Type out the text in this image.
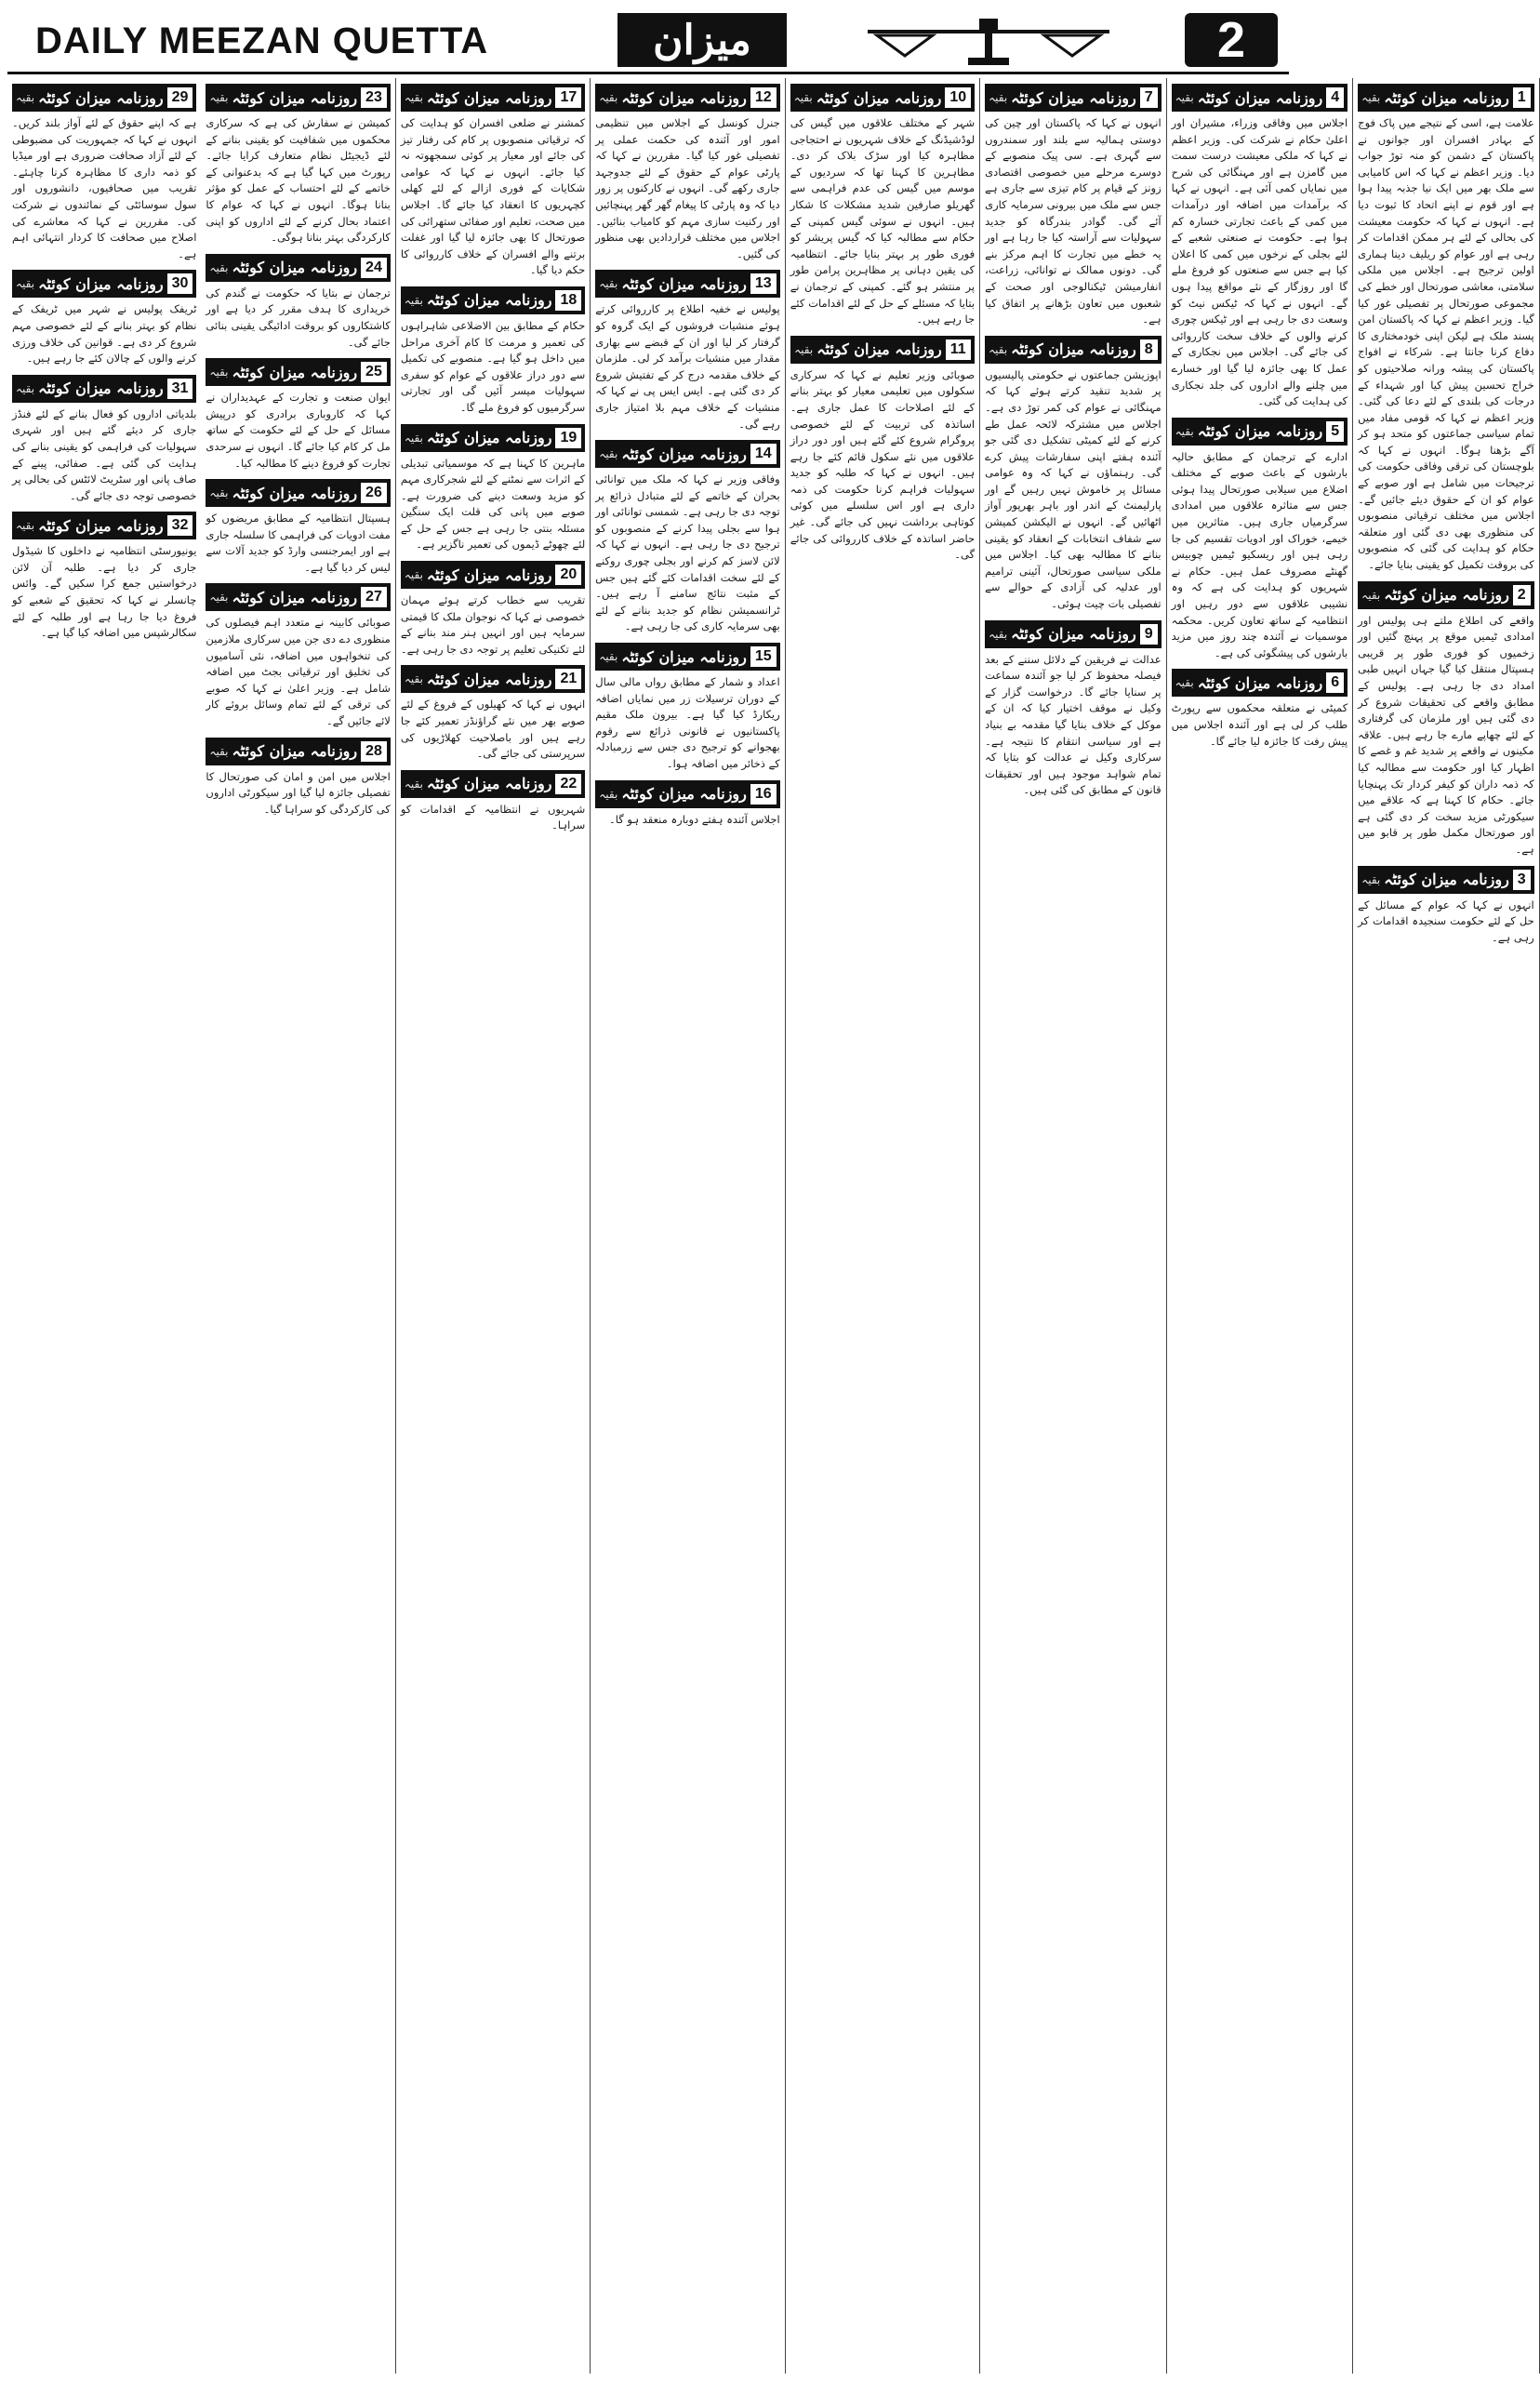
DAILY MEEZAN QUETTA	میزان	2
29
روزنامہ میزان کوئٹہ
بقیہ
ہے کہ اپنے حقوق کے لئے آواز بلند کریں۔ انہوں نے کہا کہ جمہوریت کی مضبوطی کے لئے آزاد صحافت ضروری ہے اور میڈیا کو ذمہ داری کا مظاہرہ کرنا چاہئے۔ تقریب میں صحافیوں، دانشوروں اور سول سوسائٹی کے نمائندوں نے شرکت کی۔ مقررین نے کہا کہ معاشرے کی اصلاح میں صحافت کا کردار انتہائی اہم ہے۔
30
روزنامہ میزان کوئٹہ
بقیہ
ٹریفک پولیس نے شہر میں ٹریفک کے نظام کو بہتر بنانے کے لئے خصوصی مہم شروع کر دی ہے۔ قوانین کی خلاف ورزی کرنے والوں کے چالان کئے جا رہے ہیں۔
31
روزنامہ میزان کوئٹہ
بقیہ
بلدیاتی اداروں کو فعال بنانے کے لئے فنڈز جاری کر دیئے گئے ہیں اور شہری سہولیات کی فراہمی کو یقینی بنانے کی ہدایت کی گئی ہے۔ صفائی، پینے کے صاف پانی اور سٹریٹ لائٹس کی بحالی پر خصوصی توجہ دی جائے گی۔
32
روزنامہ میزان کوئٹہ
بقیہ
یونیورسٹی انتظامیہ نے داخلوں کا شیڈول جاری کر دیا ہے۔ طلبہ آن لائن درخواستیں جمع کرا سکیں گے۔ وائس چانسلر نے کہا کہ تحقیق کے شعبے کو فروغ دیا جا رہا ہے اور طلبہ کے لئے سکالرشپس میں اضافہ کیا گیا ہے۔
23
روزنامہ میزان کوئٹہ
بقیہ
کمیشن نے سفارش کی ہے کہ سرکاری محکموں میں شفافیت کو یقینی بنانے کے لئے ڈیجیٹل نظام متعارف کرایا جائے۔ رپورٹ میں کہا گیا ہے کہ بدعنوانی کے خاتمے کے لئے احتساب کے عمل کو مؤثر بنانا ہوگا۔ انہوں نے کہا کہ عوام کا اعتماد بحال کرنے کے لئے اداروں کو اپنی کارکردگی بہتر بنانا ہوگی۔
24
روزنامہ میزان کوئٹہ
بقیہ
ترجمان نے بتایا کہ حکومت نے گندم کی خریداری کا ہدف مقرر کر دیا ہے اور کاشتکاروں کو بروقت ادائیگی یقینی بنائی جائے گی۔
25
روزنامہ میزان کوئٹہ
بقیہ
ایوان صنعت و تجارت کے عہدیداران نے کہا کہ کاروباری برادری کو درپیش مسائل کے حل کے لئے حکومت کے ساتھ مل کر کام کیا جائے گا۔ انہوں نے سرحدی تجارت کو فروغ دینے کا مطالبہ کیا۔
26
روزنامہ میزان کوئٹہ
بقیہ
ہسپتال انتظامیہ کے مطابق مریضوں کو مفت ادویات کی فراہمی کا سلسلہ جاری ہے اور ایمرجنسی وارڈ کو جدید آلات سے لیس کر دیا گیا ہے۔
27
روزنامہ میزان کوئٹہ
بقیہ
صوبائی کابینہ نے متعدد اہم فیصلوں کی منظوری دے دی جن میں سرکاری ملازمین کی تنخواہوں میں اضافہ، نئی آسامیوں کی تخلیق اور ترقیاتی بجٹ میں اضافہ شامل ہے۔ وزیر اعلیٰ نے کہا کہ صوبے کی ترقی کے لئے تمام وسائل بروئے کار لائے جائیں گے۔
28
روزنامہ میزان کوئٹہ
بقیہ
اجلاس میں امن و امان کی صورتحال کا تفصیلی جائزہ لیا گیا اور سیکورٹی اداروں کی کارکردگی کو سراہا گیا۔
17
روزنامہ میزان کوئٹہ
بقیہ
کمشنر نے ضلعی افسران کو ہدایت کی کہ ترقیاتی منصوبوں پر کام کی رفتار تیز کی جائے اور معیار پر کوئی سمجھوتہ نہ کیا جائے۔ انہوں نے کہا کہ عوامی شکایات کے فوری ازالے کے لئے کھلی کچہریوں کا انعقاد کیا جائے گا۔ اجلاس میں صحت، تعلیم اور صفائی ستھرائی کی صورتحال کا بھی جائزہ لیا گیا اور غفلت برتنے والے افسران کے خلاف کارروائی کا حکم دیا گیا۔
18
روزنامہ میزان کوئٹہ
بقیہ
حکام کے مطابق بین الاضلاعی شاہراہوں کی تعمیر و مرمت کا کام آخری مراحل میں داخل ہو گیا ہے۔ منصوبے کی تکمیل سے دور دراز علاقوں کے عوام کو سفری سہولیات میسر آئیں گی اور تجارتی سرگرمیوں کو فروغ ملے گا۔
19
روزنامہ میزان کوئٹہ
بقیہ
ماہرین کا کہنا ہے کہ موسمیاتی تبدیلی کے اثرات سے نمٹنے کے لئے شجرکاری مہم کو مزید وسعت دینے کی ضرورت ہے۔ صوبے میں پانی کی قلت ایک سنگین مسئلہ بنتی جا رہی ہے جس کے حل کے لئے چھوٹے ڈیموں کی تعمیر ناگزیر ہے۔
20
روزنامہ میزان کوئٹہ
بقیہ
تقریب سے خطاب کرتے ہوئے مہمان خصوصی نے کہا کہ نوجوان ملک کا قیمتی سرمایہ ہیں اور انہیں ہنر مند بنانے کے لئے تکنیکی تعلیم پر توجہ دی جا رہی ہے۔
21
روزنامہ میزان کوئٹہ
بقیہ
انہوں نے کہا کہ کھیلوں کے فروغ کے لئے صوبے بھر میں نئے گراؤنڈز تعمیر کئے جا رہے ہیں اور باصلاحیت کھلاڑیوں کی سرپرستی کی جائے گی۔
22
روزنامہ میزان کوئٹہ
بقیہ
شہریوں نے انتظامیہ کے اقدامات کو سراہا۔
12
روزنامہ میزان کوئٹہ
بقیہ
جنرل کونسل کے اجلاس میں تنظیمی امور اور آئندہ کی حکمت عملی پر تفصیلی غور کیا گیا۔ مقررین نے کہا کہ پارٹی عوام کے حقوق کے لئے جدوجہد جاری رکھے گی۔ انہوں نے کارکنوں پر زور دیا کہ وہ پارٹی کا پیغام گھر گھر پہنچائیں اور رکنیت سازی مہم کو کامیاب بنائیں۔ اجلاس میں مختلف قراردادیں بھی منظور کی گئیں۔
13
روزنامہ میزان کوئٹہ
بقیہ
پولیس نے خفیہ اطلاع پر کارروائی کرتے ہوئے منشیات فروشوں کے ایک گروہ کو گرفتار کر لیا اور ان کے قبضے سے بھاری مقدار میں منشیات برآمد کر لی۔ ملزمان کے خلاف مقدمہ درج کر کے تفتیش شروع کر دی گئی ہے۔ ایس ایس پی نے کہا کہ منشیات کے خلاف مہم بلا امتیاز جاری رہے گی۔
14
روزنامہ میزان کوئٹہ
بقیہ
وفاقی وزیر نے کہا کہ ملک میں توانائی بحران کے خاتمے کے لئے متبادل ذرائع پر توجہ دی جا رہی ہے۔ شمسی توانائی اور ہوا سے بجلی پیدا کرنے کے منصوبوں کو ترجیح دی جا رہی ہے۔ انہوں نے کہا کہ لائن لاسز کم کرنے اور بجلی چوری روکنے کے لئے سخت اقدامات کئے گئے ہیں جس کے مثبت نتائج سامنے آ رہے ہیں۔ ٹرانسمیشن نظام کو جدید بنانے کے لئے بھی سرمایہ کاری کی جا رہی ہے۔
15
روزنامہ میزان کوئٹہ
بقیہ
اعداد و شمار کے مطابق رواں مالی سال کے دوران ترسیلات زر میں نمایاں اضافہ ریکارڈ کیا گیا ہے۔ بیرون ملک مقیم پاکستانیوں نے قانونی ذرائع سے رقوم بھجوانے کو ترجیح دی جس سے زرمبادلہ کے ذخائر میں اضافہ ہوا۔
16
روزنامہ میزان کوئٹہ
بقیہ
اجلاس آئندہ ہفتے دوبارہ منعقد ہو گا۔
10
روزنامہ میزان کوئٹہ
بقیہ
شہر کے مختلف علاقوں میں گیس کی لوڈشیڈنگ کے خلاف شہریوں نے احتجاجی مظاہرہ کیا اور سڑک بلاک کر دی۔ مظاہرین کا کہنا تھا کہ سردیوں کے موسم میں گیس کی عدم فراہمی سے گھریلو صارفین شدید مشکلات کا شکار ہیں۔ انہوں نے سوئی گیس کمپنی کے حکام سے مطالبہ کیا کہ گیس پریشر کو فوری طور پر بہتر بنایا جائے۔ انتظامیہ کی یقین دہانی پر مظاہرین پرامن طور پر منتشر ہو گئے۔ کمپنی کے ترجمان نے بتایا کہ مسئلے کے حل کے لئے اقدامات کئے جا رہے ہیں۔
11
روزنامہ میزان کوئٹہ
بقیہ
صوبائی وزیر تعلیم نے کہا کہ سرکاری سکولوں میں تعلیمی معیار کو بہتر بنانے کے لئے اصلاحات کا عمل جاری ہے۔ اساتذہ کی تربیت کے لئے خصوصی پروگرام شروع کئے گئے ہیں اور دور دراز علاقوں میں نئے سکول قائم کئے جا رہے ہیں۔ انہوں نے کہا کہ طلبہ کو جدید سہولیات فراہم کرنا حکومت کی ذمہ داری ہے اور اس سلسلے میں کوئی کوتاہی برداشت نہیں کی جائے گی۔ غیر حاضر اساتذہ کے خلاف کارروائی کی جائے گی۔
7
روزنامہ میزان کوئٹہ
بقیہ
انہوں نے کہا کہ پاکستان اور چین کی دوستی ہمالیہ سے بلند اور سمندروں سے گہری ہے۔ سی پیک منصوبے کے دوسرے مرحلے میں خصوصی اقتصادی زونز کے قیام پر کام تیزی سے جاری ہے جس سے ملک میں بیرونی سرمایہ کاری آئے گی۔ گوادر بندرگاہ کو جدید سہولیات سے آراستہ کیا جا رہا ہے اور یہ خطے میں تجارت کا اہم مرکز بنے گی۔ دونوں ممالک نے توانائی، زراعت، انفارمیشن ٹیکنالوجی اور صحت کے شعبوں میں تعاون بڑھانے پر اتفاق کیا ہے۔
8
روزنامہ میزان کوئٹہ
بقیہ
اپوزیشن جماعتوں نے حکومتی پالیسیوں پر شدید تنقید کرتے ہوئے کہا کہ مہنگائی نے عوام کی کمر توڑ دی ہے۔ اجلاس میں مشترکہ لائحہ عمل طے کرنے کے لئے کمیٹی تشکیل دی گئی جو آئندہ ہفتے اپنی سفارشات پیش کرے گی۔ رہنماؤں نے کہا کہ وہ عوامی مسائل پر خاموش نہیں رہیں گے اور پارلیمنٹ کے اندر اور باہر بھرپور آواز اٹھائیں گے۔ انہوں نے الیکشن کمیشن سے شفاف انتخابات کے انعقاد کو یقینی بنانے کا مطالبہ بھی کیا۔ اجلاس میں ملکی سیاسی صورتحال، آئینی ترامیم اور عدلیہ کی آزادی کے حوالے سے تفصیلی بات چیت ہوئی۔
9
روزنامہ میزان کوئٹہ
بقیہ
عدالت نے فریقین کے دلائل سننے کے بعد فیصلہ محفوظ کر لیا جو آئندہ سماعت پر سنایا جائے گا۔ درخواست گزار کے وکیل نے موقف اختیار کیا کہ ان کے موکل کے خلاف بنایا گیا مقدمہ بے بنیاد ہے اور سیاسی انتقام کا نتیجہ ہے۔ سرکاری وکیل نے عدالت کو بتایا کہ تمام شواہد موجود ہیں اور تحقیقات قانون کے مطابق کی گئی ہیں۔
4
روزنامہ میزان کوئٹہ
بقیہ
اجلاس میں وفاقی وزراء، مشیران اور اعلیٰ حکام نے شرکت کی۔ وزیر اعظم نے کہا کہ ملکی معیشت درست سمت میں گامزن ہے اور مہنگائی کی شرح میں نمایاں کمی آئی ہے۔ انہوں نے کہا کہ برآمدات میں اضافہ اور درآمدات میں کمی کے باعث تجارتی خسارہ کم ہوا ہے۔ حکومت نے صنعتی شعبے کے لئے بجلی کے نرخوں میں کمی کا اعلان کیا ہے جس سے صنعتوں کو فروغ ملے گا اور روزگار کے نئے مواقع پیدا ہوں گے۔ انہوں نے کہا کہ ٹیکس نیٹ کو وسعت دی جا رہی ہے اور ٹیکس چوری کرنے والوں کے خلاف سخت کارروائی کی جائے گی۔ اجلاس میں نجکاری کے عمل کا بھی جائزہ لیا گیا اور خسارے میں چلنے والے اداروں کی جلد نجکاری کی ہدایت کی گئی۔
5
روزنامہ میزان کوئٹہ
بقیہ
ادارے کے ترجمان کے مطابق حالیہ بارشوں کے باعث صوبے کے مختلف اضلاع میں سیلابی صورتحال پیدا ہوئی جس سے متاثرہ علاقوں میں امدادی سرگرمیاں جاری ہیں۔ متاثرین میں خیمے، خوراک اور ادویات تقسیم کی جا رہی ہیں اور ریسکیو ٹیمیں چوبیس گھنٹے مصروف عمل ہیں۔ حکام نے شہریوں کو ہدایت کی ہے کہ وہ نشیبی علاقوں سے دور رہیں اور انتظامیہ کے ساتھ تعاون کریں۔ محکمہ موسمیات نے آئندہ چند روز میں مزید بارشوں کی پیشگوئی کی ہے۔
6
روزنامہ میزان کوئٹہ
بقیہ
کمیٹی نے متعلقہ محکموں سے رپورٹ طلب کر لی ہے اور آئندہ اجلاس میں پیش رفت کا جائزہ لیا جائے گا۔
1
روزنامہ میزان کوئٹہ
بقیہ
علامت ہے، اسی کے نتیجے میں پاک فوج کے بہادر افسران اور جوانوں نے پاکستان کے دشمن کو منہ توڑ جواب دیا۔ وزیر اعظم نے کہا کہ اس کامیابی سے ملک بھر میں ایک نیا جذبہ پیدا ہوا ہے اور قوم نے اپنے اتحاد کا ثبوت دیا ہے۔ انہوں نے کہا کہ حکومت معیشت کی بحالی کے لئے ہر ممکن اقدامات کر رہی ہے اور عوام کو ریلیف دینا ہماری اولین ترجیح ہے۔ اجلاس میں ملکی سلامتی، معاشی صورتحال اور خطے کی مجموعی صورتحال پر تفصیلی غور کیا گیا۔ وزیر اعظم نے کہا کہ پاکستان امن پسند ملک ہے لیکن اپنی خودمختاری کا دفاع کرنا جانتا ہے۔ شرکاء نے افواج پاکستان کی پیشہ ورانہ صلاحیتوں کو خراج تحسین پیش کیا اور شہداء کے درجات کی بلندی کے لئے دعا کی گئی۔ وزیر اعظم نے کہا کہ قومی مفاد میں تمام سیاسی جماعتوں کو متحد ہو کر آگے بڑھنا ہوگا۔ انہوں نے کہا کہ بلوچستان کی ترقی وفاقی حکومت کی ترجیحات میں شامل ہے اور صوبے کے عوام کو ان کے حقوق دیئے جائیں گے۔ اجلاس میں مختلف ترقیاتی منصوبوں کی منظوری بھی دی گئی اور متعلقہ حکام کو ہدایت کی گئی کہ منصوبوں کی بروقت تکمیل کو یقینی بنایا جائے۔
2
روزنامہ میزان کوئٹہ
بقیہ
واقعے کی اطلاع ملتے ہی پولیس اور امدادی ٹیمیں موقع پر پہنچ گئیں اور زخمیوں کو فوری طور پر قریبی ہسپتال منتقل کیا گیا جہاں انہیں طبی امداد دی جا رہی ہے۔ پولیس کے مطابق واقعے کی تحقیقات شروع کر دی گئی ہیں اور ملزمان کی گرفتاری کے لئے چھاپے مارے جا رہے ہیں۔ علاقہ مکینوں نے واقعے پر شدید غم و غصے کا اظہار کیا اور حکومت سے مطالبہ کیا کہ ذمہ داران کو کیفر کردار تک پہنچایا جائے۔ حکام کا کہنا ہے کہ علاقے میں سیکورٹی مزید سخت کر دی گئی ہے اور صورتحال مکمل طور پر قابو میں ہے۔
3
روزنامہ میزان کوئٹہ
بقیہ
انہوں نے کہا کہ عوام کے مسائل کے حل کے لئے حکومت سنجیدہ اقدامات کر رہی ہے۔
